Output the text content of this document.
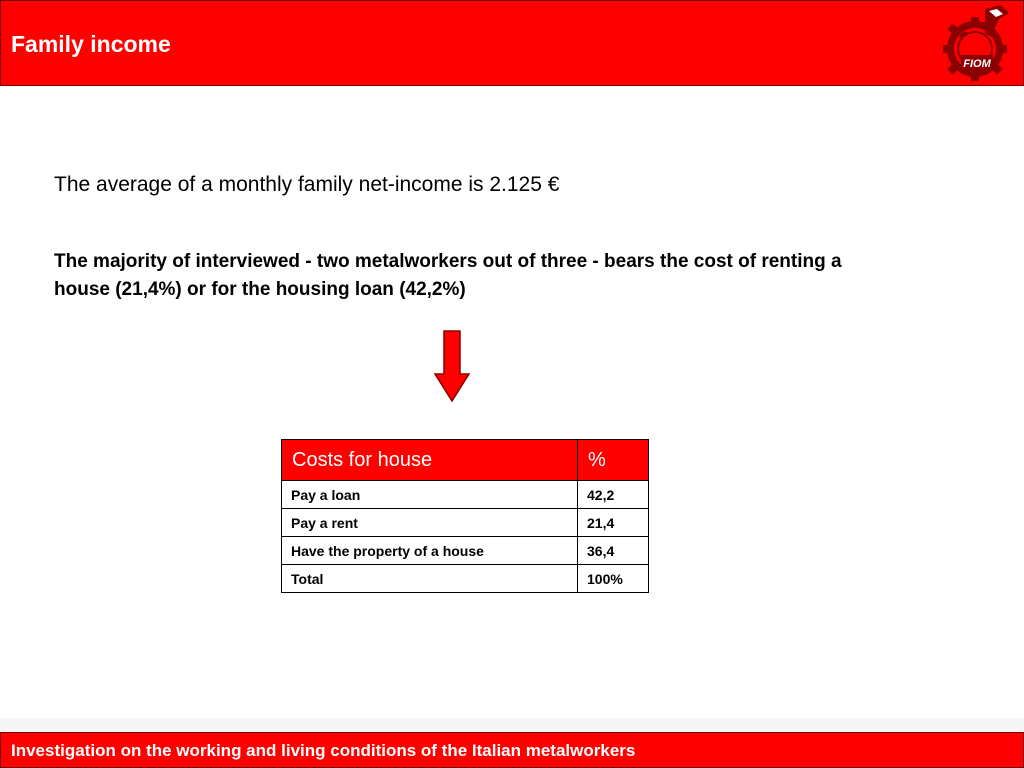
Family income
FIOM
The average of a monthly family net-income is 2.125 €
The majority of interviewed - two metalworkers out of three - bears the cost of renting a house (21,4%) or for the housing loan (42,2%)
Costs for house	%
Pay a loan	42,2
Pay a rent	21,4
Have the property of a house	36,4
Total	100%
Investigation on the working and living conditions of the Italian metalworkers
